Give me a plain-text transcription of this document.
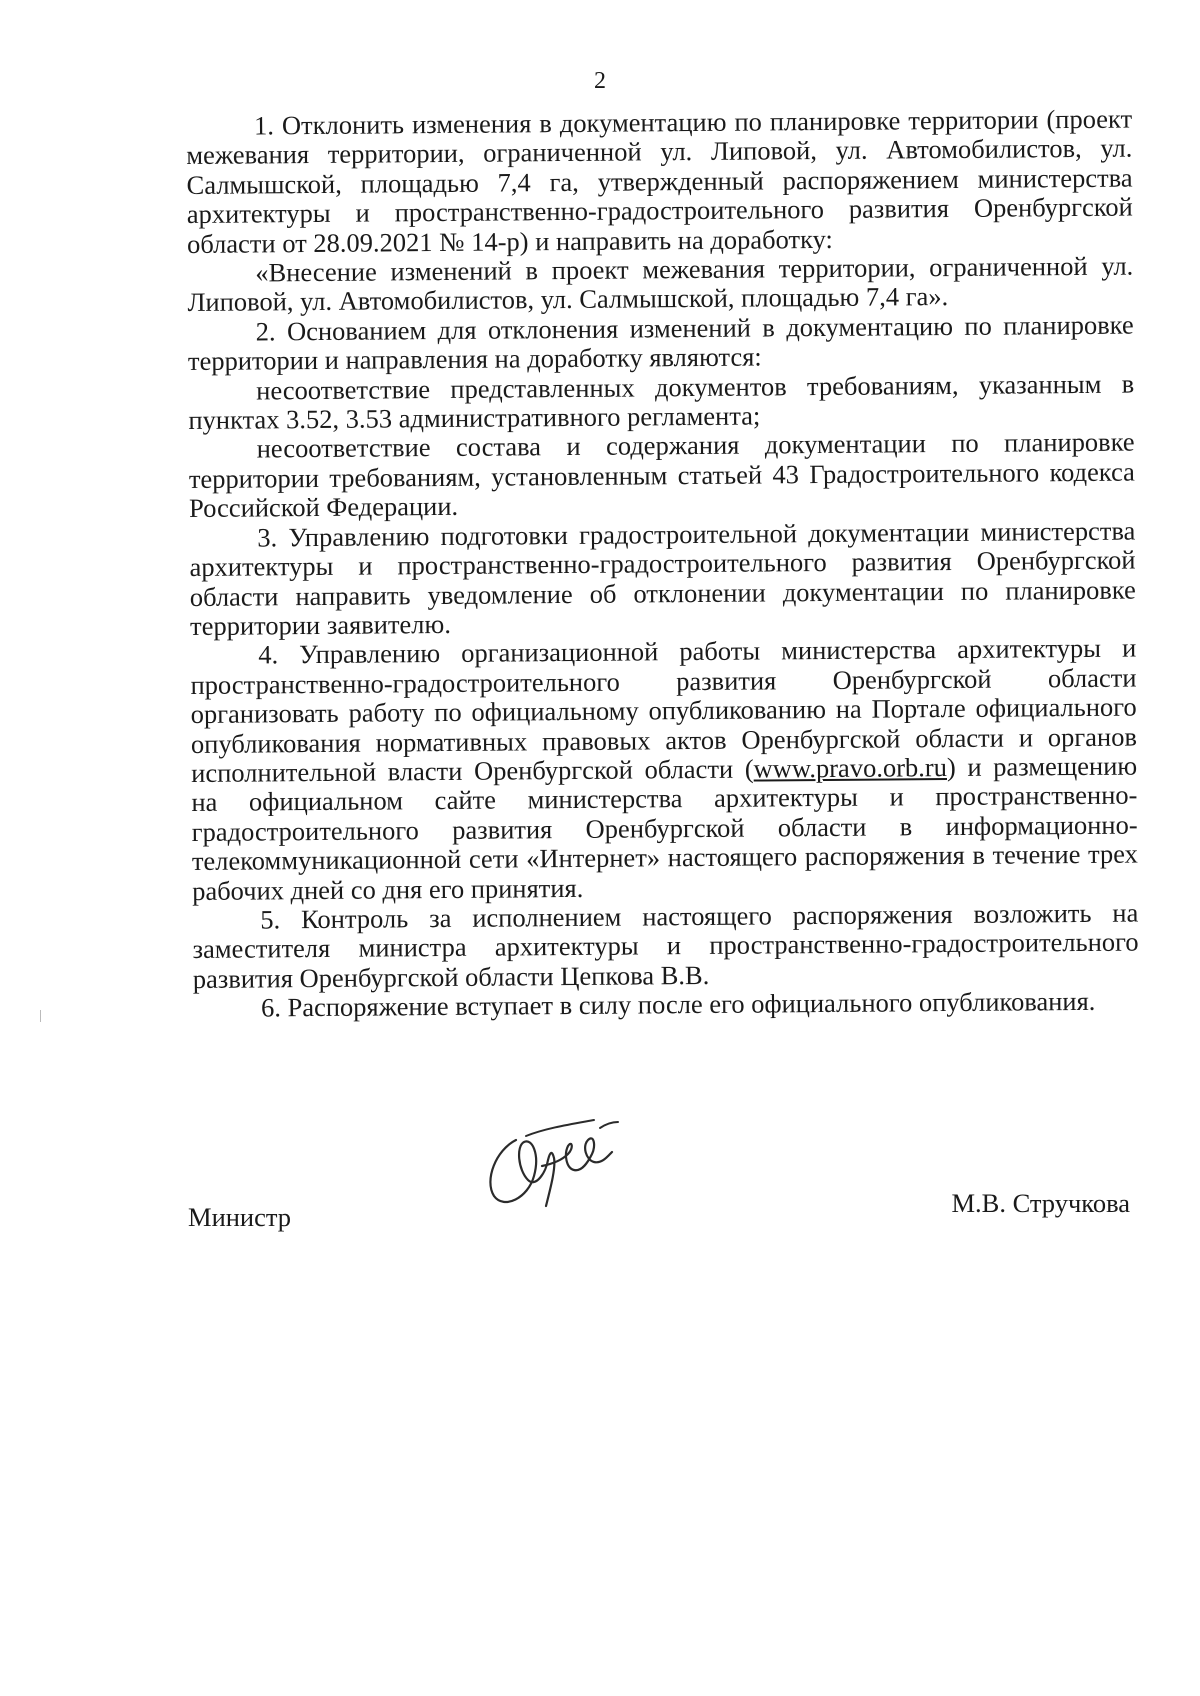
2

1. Отклонить изменения в документацию по планировке территории (проект межевания территории, ограниченной ул. Липовой, ул. Автомобилистов, ул. Салмышской, площадью 7,4 га, утвержденный распоряжением министерства архитектуры и пространственно-градостроительного развития Оренбургской области от 28.09.2021 № 14-р) и направить на доработку:

«Внесение изменений в проект межевания территории, ограниченной ул. Липовой, ул. Автомобилистов, ул. Салмышской, площадью 7,4 га».

2. Основанием для отклонения изменений в документацию по планировке территории и направления на доработку являются:

несоответствие представленных документов требованиям, указанным в пунктах 3.52, 3.53 административного регламента;

несоответствие состава и содержания документации по планировке территории требованиям, установленным статьей 43 Градостроительного кодекса Российской Федерации.

3. Управлению подготовки градостроительной документации министерства архитектуры и пространственно-градостроительного развития Оренбургской области направить уведомление об отклонении документации по планировке территории заявителю.

4. Управлению организационной работы министерства архитектуры и пространственно-градостроительного развития Оренбургской области организовать работу по официальному опубликованию на Портале официального опубликования нормативных правовых актов Оренбургской области и органов исполнительной власти Оренбургской области (www.pravo.orb.ru) и размещению на официальном сайте министерства архитектуры и пространственно-градостроительного развития Оренбургской области в информационно-телекоммуникационной сети «Интернет» настоящего распоряжения в течение трех рабочих дней со дня его принятия.

5. Контроль за исполнением настоящего распоряжения возложить на заместителя министра архитектуры и пространственно-градостроительного развития Оренбургской области Цепкова В.В.

6. Распоряжение вступает в силу после его официального опубликования.

Министр	М.В. Стручкова
